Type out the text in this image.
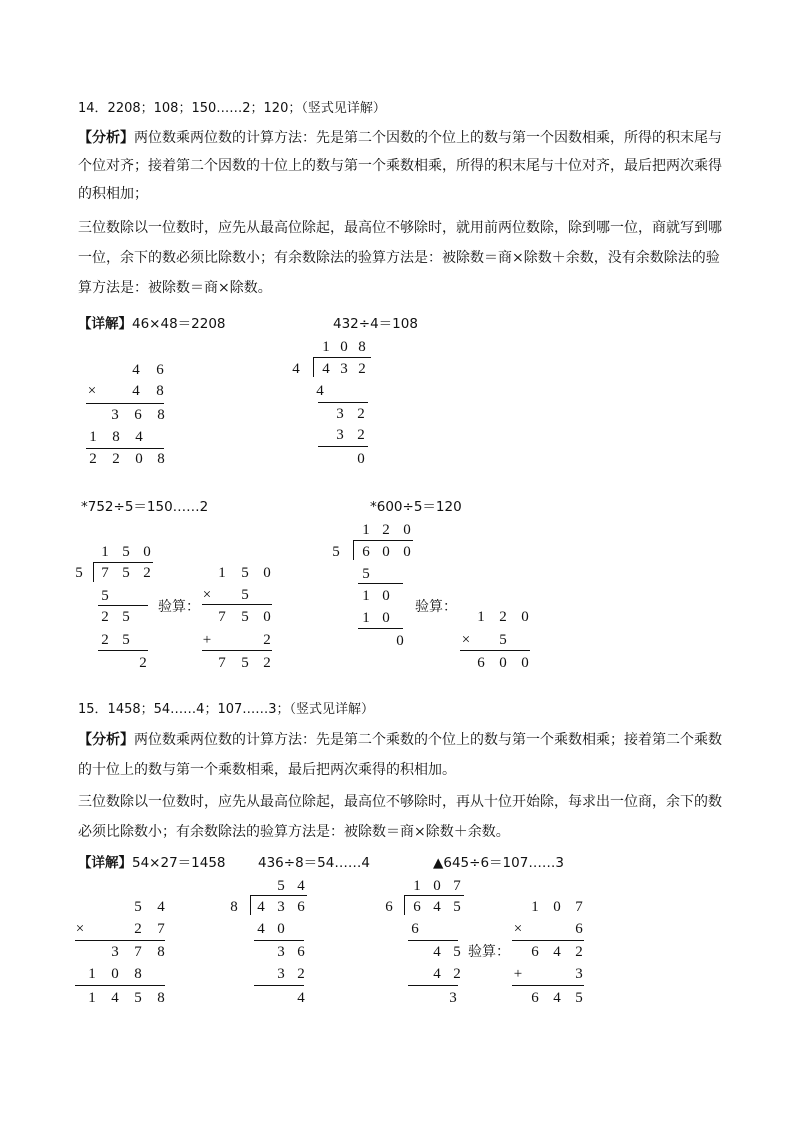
14．2208；108；150……2；120；（竖式见详解）
【分析】两位数乘两位数的计算方法：先是第二个因数的个位上的数与第一个因数相乘，所得的积末尾与
个位对齐；接着第二个因数的十位上的数与第一个乘数相乘，所得的积末尾与十位对齐，最后把两次乘得
的积相加；
三位数除以一位数时，应先从最高位除起，最高位不够除时，就用前两位数除，除到哪一位，商就写到哪
一位，余下的数必须比除数小；有余数除法的验算方法是：被除数＝商×除数＋余数，没有余数除法的验
算方法是：被除数＝商×除数。
【详解】46×48＝2208	432÷4＝108
4	6
×	4	8
3	6	8
1	8	4
2	2	0 8
1 0 8
4	4 3 2
4
3 2
3 2
0
*752÷5＝150……2	*600÷5＝120
1 5 0
5	7 5 2
5
2 5
2 5
2
验算：
1	5 0
×	5
7	5 0
+	2
7	5 2
1 2 0
5	6 0 0
5
1 0
1 0
0
验算：
1 2 0
×	5
6 0 0
15．1458；54……4；107……3；（竖式见详解）
【分析】两位数乘两位数的计算方法：先是第二个乘数的个位上的数与第一个乘数相乘；接着第二个乘数
的十位上的数与第一个乘数相乘，最后把两次乘得的积相加。
三位数除以一位数时，应先从最高位除起，最高位不够除时，再从十位开始除，每求出一位商，余下的数
必须比除数小；有余数除法的验算方法是：被除数＝商×除数＋余数。
【详解】54×27＝1458 436÷8＝54……4	▲645÷6＝107……3
5	4
×	2	7
3	7	8
1	0	8
1	4	5	8
5 4
8	4 3 6
4 0
3 6
3 2
4
1 0 7
6	6 4 5
6
4 5
4 2
3
验算：
1 0 7
×	6
6 4 2
+	3
6 4 5
